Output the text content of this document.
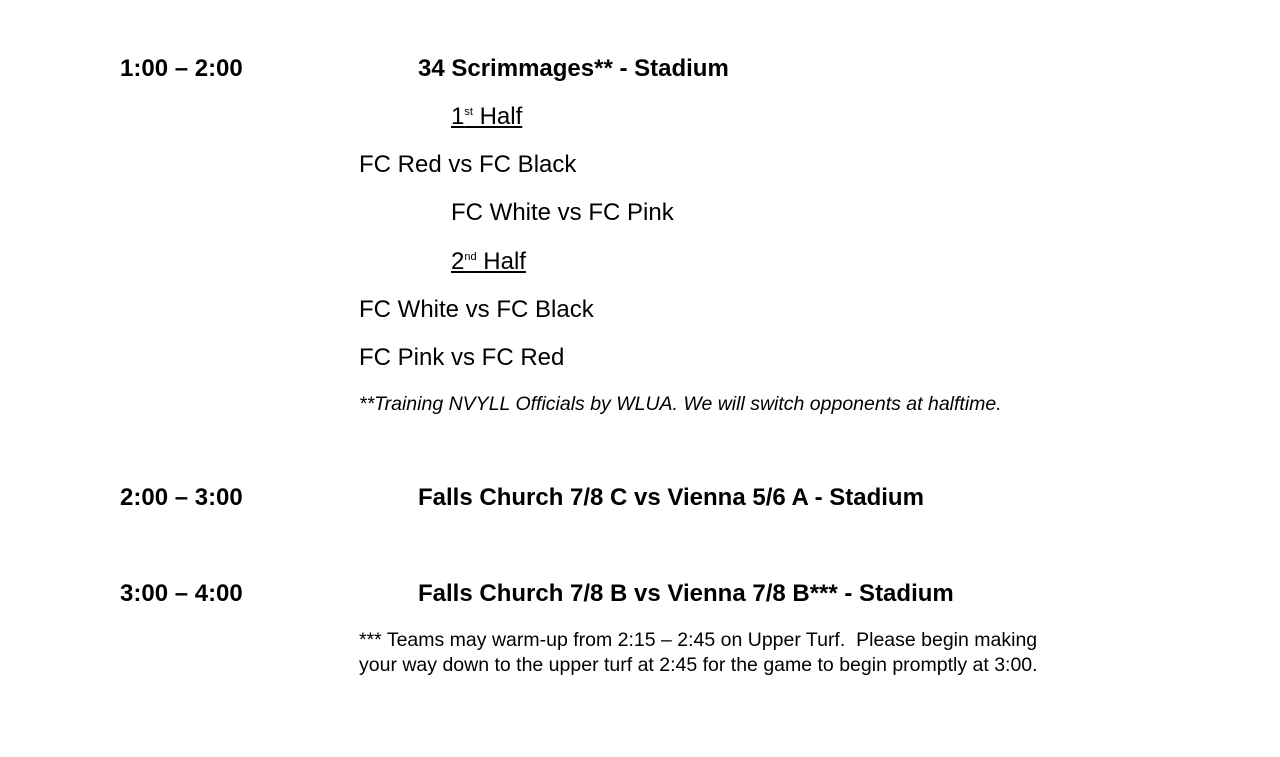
1:00 – 2:00	34 Scrimmages** - Stadium
1st Half
FC Red vs FC Black
FC White vs FC Pink
2nd Half
FC White vs FC Black
FC Pink vs FC Red
**Training NVYLL Officials by WLUA. We will switch opponents at halftime.
2:00 – 3:00	Falls Church 7/8 C vs Vienna 5/6 A - Stadium
3:00 – 4:00	Falls Church 7/8 B vs Vienna 7/8 B*** - Stadium
*** Teams may warm-up from 2:15 – 2:45 on Upper Turf.  Please begin making
your way down to the upper turf at 2:45 for the game to begin promptly at 3:00.
